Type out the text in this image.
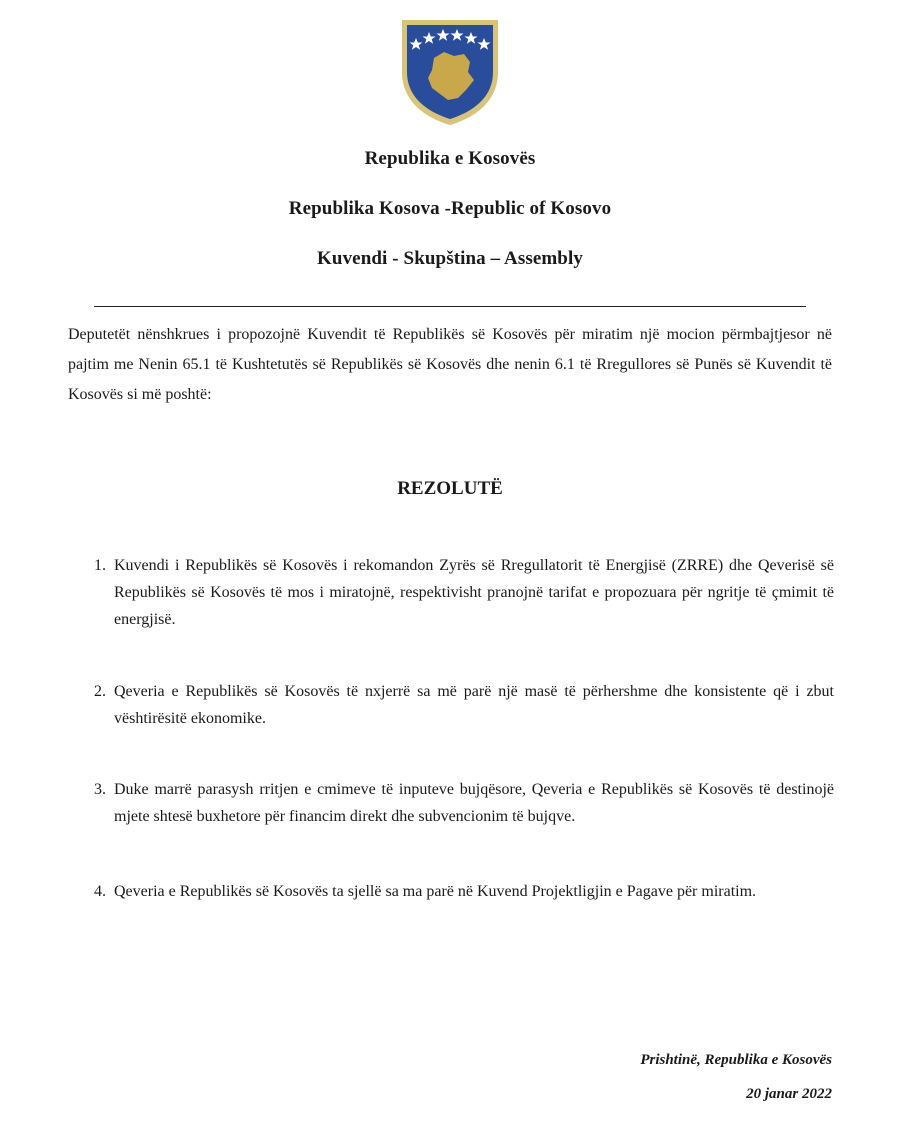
Republika e Kosovës
Republika Kosova -Republic of Kosovo
Kuvendi - Skupština – Assembly
Deputetët nënshkrues i propozojnë Kuvendit të Republikës së Kosovës për miratim një mocion përmbajtjesor në pajtim me Nenin 65.1 të Kushtetutës së Republikës së Kosovës dhe nenin 6.1 të Rregullores së Punës së Kuvendit të Kosovës si më poshtë:
REZOLUTË
1. Kuvendi i Republikës së Kosovës i rekomandon Zyrës së Rregullatorit të Energjisë (ZRRE) dhe Qeverisë së Republikës së Kosovës të mos i miratojnë, respektivisht pranojnë tarifat e propozuara për ngritje të çmimit të energjisë.
2. Qeveria e Republikës së Kosovës të nxjerrë sa më parë një masë të përhershme dhe konsistente që i zbut vështirësitë ekonomike.
3. Duke marrë parasysh rritjen e cmimeve të inputeve bujqësore, Qeveria e Republikës së Kosovës të destinojë mjete shtesë buxhetore për financim direkt dhe subvencionim të bujqve.
4. Qeveria e Republikës së Kosovës ta sjellë sa ma parë në Kuvend Projektligjin e Pagave për miratim.
Prishtinë, Republika e Kosovës
20 janar 2022
